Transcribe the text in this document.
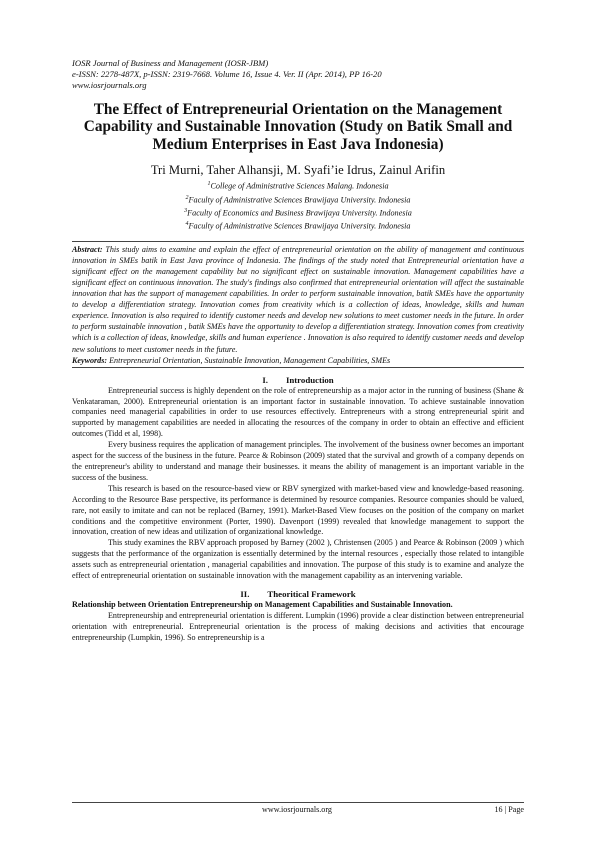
IOSR Journal of Business and Management (IOSR-JBM)
e-ISSN: 2278-487X, p-ISSN: 2319-7668. Volume 16, Issue 4. Ver. II (Apr. 2014), PP 16-20
www.iosrjournals.org
The Effect of Entrepreneurial Orientation on the Management Capability and Sustainable Innovation (Study on Batik Small and Medium Enterprises in East Java Indonesia)
Tri Murni, Taher Alhansji, M. Syafi’ie Idrus, Zainul Arifin
$^1$College of Administrative Sciences Malang. Indonesia
$^2$Faculty of Administrative Sciences Brawijaya University. Indonesia
$^3$Faculty of Economics and Business Brawijaya University. Indonesia
$^4$Faculty of Administrative Sciences Brawijaya University. Indonesia
Abstract: This study aims to examine and explain the effect of entrepreneurial orientation on the ability of management and continuous innovation in SMEs batik in East Java province of Indonesia. The findings of the study noted that Entrepreneurial orientation have a significant effect on the management capability but no significant effect on sustainable innovation. Management capabilities have a significant effect on continuous innovation. The study's findings also confirmed that entrepreneurial orientation will affect the sustainable innovation that has the support of management capabilities. In order to perform sustainable innovation, batik SMEs have the opportunity to develop a differentiation strategy. Innovation comes from creativity which is a collection of ideas, knowledge, skills and human experience. Innovation is also required to identify customer needs and develop new solutions to meet customer needs in the future. In order to perform sustainable innovation , batik SMEs have the opportunity to develop a differentiation strategy. Innovation comes from creativity which is a collection of ideas, knowledge, skills and human experience . Innovation is also required to identify customer needs and develop new solutions to meet customer needs in the future.
Keywords: Entrepreneurial Orientation, Sustainable Innovation, Management Capabilities, SMEs
I. Introduction

Entrepreneurial success is highly dependent on the role of entrepreneurship as a major actor in the running of business (Shane & Venkataraman, 2000). Entrepreneurial orientation is an important factor in sustainable innovation. To achieve sustainable innovation companies need managerial capabilities in order to use resources effectively. Entrepreneurs with a strong entrepreneurial spirit and supported by management capabilities are needed in allocating the resources of the company in order to obtain an effective and efficient outcomes (Tidd et al, 1998).

Every business requires the application of management principles. The involvement of the business owner becomes an important aspect for the success of the business in the future. Pearce & Robinson (2009) stated that the survival and growth of a company depends on the entrepreneur's ability to understand and manage their businesses. it means the ability of management is an important variable in the success of the business.

This research is based on the resource-based view or RBV synergized with market-based view and knowledge-based reasoning. According to the Resource Base perspective, its performance is determined by resource companies. Resource companies should be valued, rare, not easily to imitate and can not be replaced (Barney, 1991). Market-Based View focuses on the position of the company on market conditions and the competitive environment (Porter, 1990). Davenport (1999) revealed that knowledge management to support the innovation, creation of new ideas and utilization of organizational knowledge.

This study examines the RBV approach proposed by Barney (2002 ), Christensen (2005 ) and Pearce & Robinson (2009 ) which suggests that the performance of the organization is essentially determined by the internal resources , especially those related to intangible assets such as entrepreneurial orientation , managerial capabilities and innovation. The purpose of this study is to examine and analyze the effect of entrepreneurial orientation on sustainable innovation with the management capability as an intervening variable.

II. Theoritical Framework
Relationship between Orientation Entrepreneurship on Management Capabilities and Sustainable Innovation.

Entrepreneurship and entrepreneurial orientation is different. Lumpkin (1996) provide a clear distinction between entrepreneurial orientation with entrepreneurial. Entrepreneurial orientation is the process of making decisions and activities that encourage entrepreneurship (Lumpkin, 1996). So entrepreneurship is a

www.iosrjournals.org	16 | Page
